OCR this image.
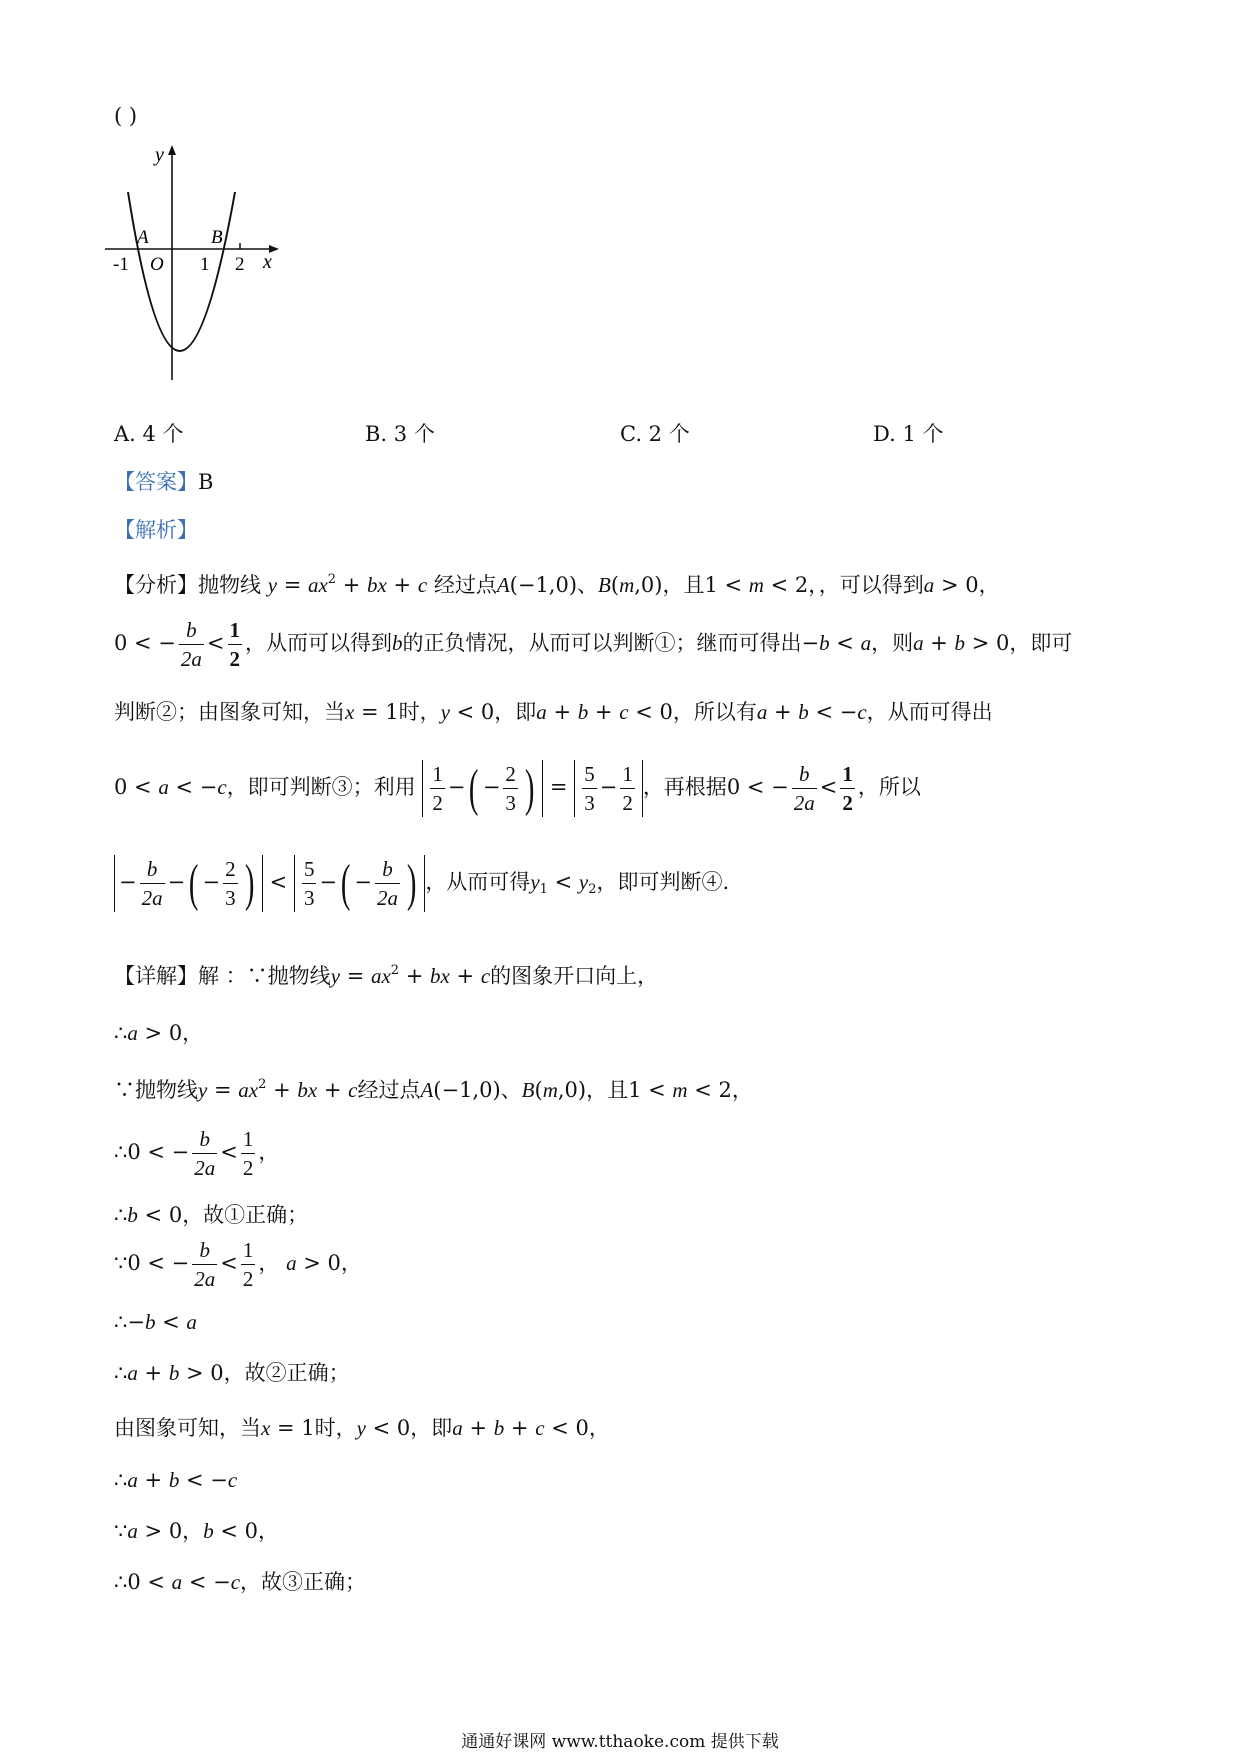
( )
y
x
A	B
-1 O 1 2
A. 4 个	B. 3 个	C. 2 个	D. 1 个
【答案】B
【解析】
【分析】抛物线 $y = ax^2$ + bx + c 经过点A(−1,0)、B(m,0)，且1 < m < 2，，可以得到a > 0，
0 < − $\frac{b}{2a} < \frac{1}{2}$ ，从而可以得到b的正负情况，从而可以判断①；继而可得出−b < a，则a + b > 0，即可
判断②；由图象可知，当x = 1时，y < 0，即a + b + c < 0，所以有a + b < −c，从而可得出
0 < a < −c，即可判断③；利用 $\frac{1}{2}$ −( − $\frac{2}{3}$ ) = $\frac{5}{3} - \frac{1}{2}$ ，再根据0 < − $\frac{b}{2a} < \frac{1}{2}$ ，所以
− $\frac{b}{2a}$ −( − $\frac{2}{3}$ ) < $\frac{5}{3}$ −( − $\frac{b}{2a}$ ) ，从而可得$y_1 < y_2$，即可判断④.
【详解】解 ：∵抛物线$y = ax^2$ + bx + c的图象开口向上，
∴a > 0，
∵抛物线$y = ax^2$ + bx + c经过点A(−1,0)、B(m,0)，且1 < m < 2，
∴0 < − $\frac{b}{2a} < \frac{1}{2}$ ，
∴b < 0，故①正确；
∵0 < − $\frac{b}{2a} < \frac{1}{2}$ ， a > 0，
∴−b < a
∴a + b > 0，故②正确；
由图象可知，当x = 1时，y < 0，即a + b + c < 0，
∴a + b < −c
∵a > 0，b < 0，
∴0 < a < −c，故③正确；
通通好课网 www.tthaoke.com 提供下载
